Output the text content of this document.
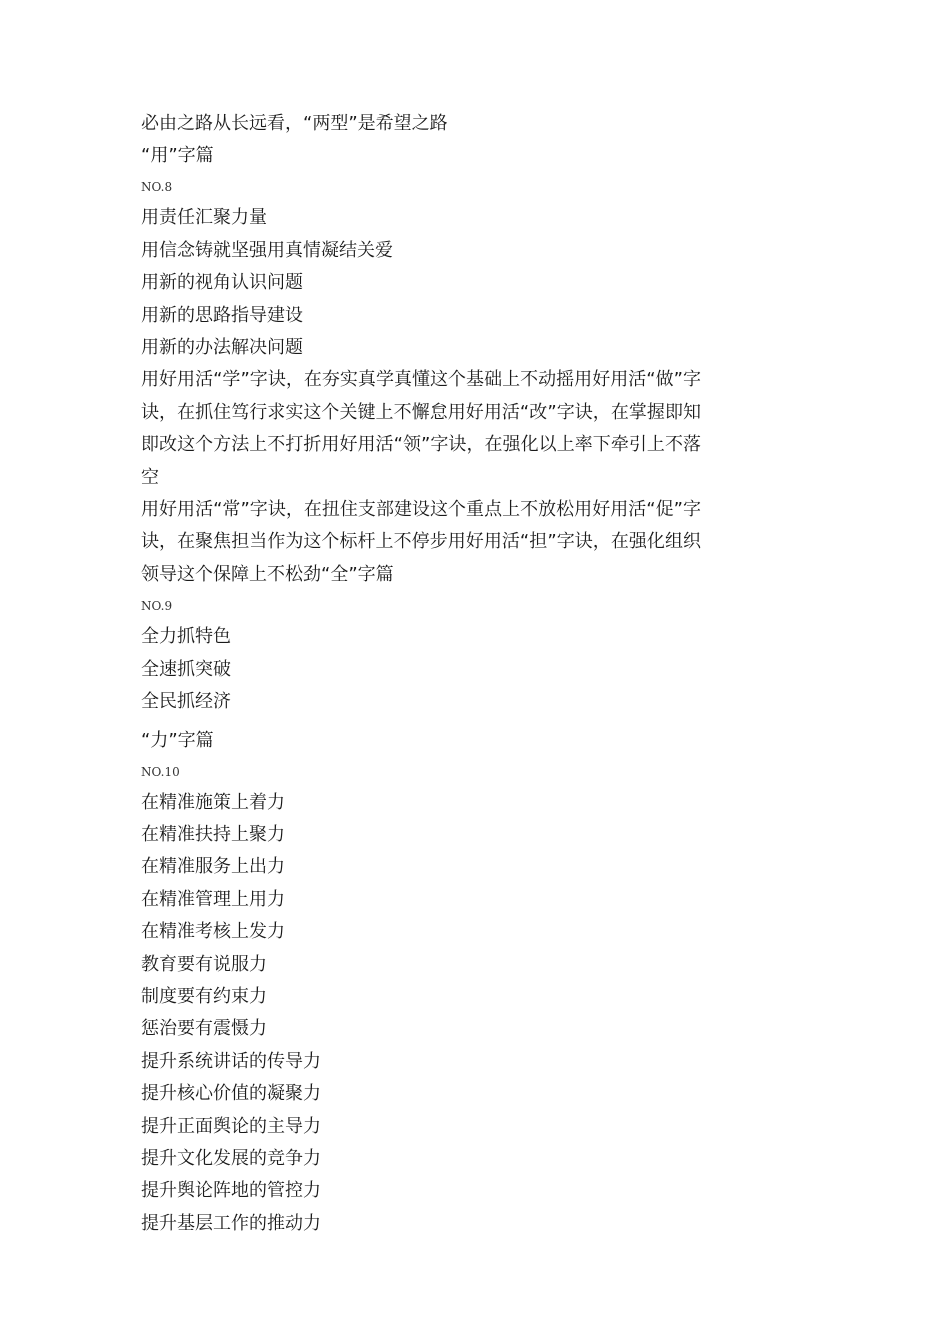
必由之路从长远看，“两型”是希望之路

“用”字篇

NO.8

用责任汇聚力量

用信念铸就坚强用真情凝结关爱

用新的视角认识问题

用新的思路指导建设

用新的办法解决问题

用好用活“学”字诀，在夯实真学真懂这个基础上不动摇用好用活“做”字诀，在抓住笃行求实这个关键上不懈怠用好用活“改”字诀，在掌握即知即改这个方法上不打折用好用活“领”字诀，在强化以上率下牵引上不落空

用好用活“常”字诀，在扭住支部建设这个重点上不放松用好用活“促”字诀，在聚焦担当作为这个标杆上不停步用好用活“担”字诀，在强化组织领导这个保障上不松劲“全”字篇

NO.9

全力抓特色

全速抓突破

全民抓经济

“力”字篇

NO.10

在精准施策上着力

在精准扶持上聚力

在精准服务上出力

在精准管理上用力

在精准考核上发力

教育要有说服力

制度要有约束力

惩治要有震慑力

提升系统讲话的传导力

提升核心价值的凝聚力

提升正面舆论的主导力

提升文化发展的竞争力

提升舆论阵地的管控力

提升基层工作的推动力
